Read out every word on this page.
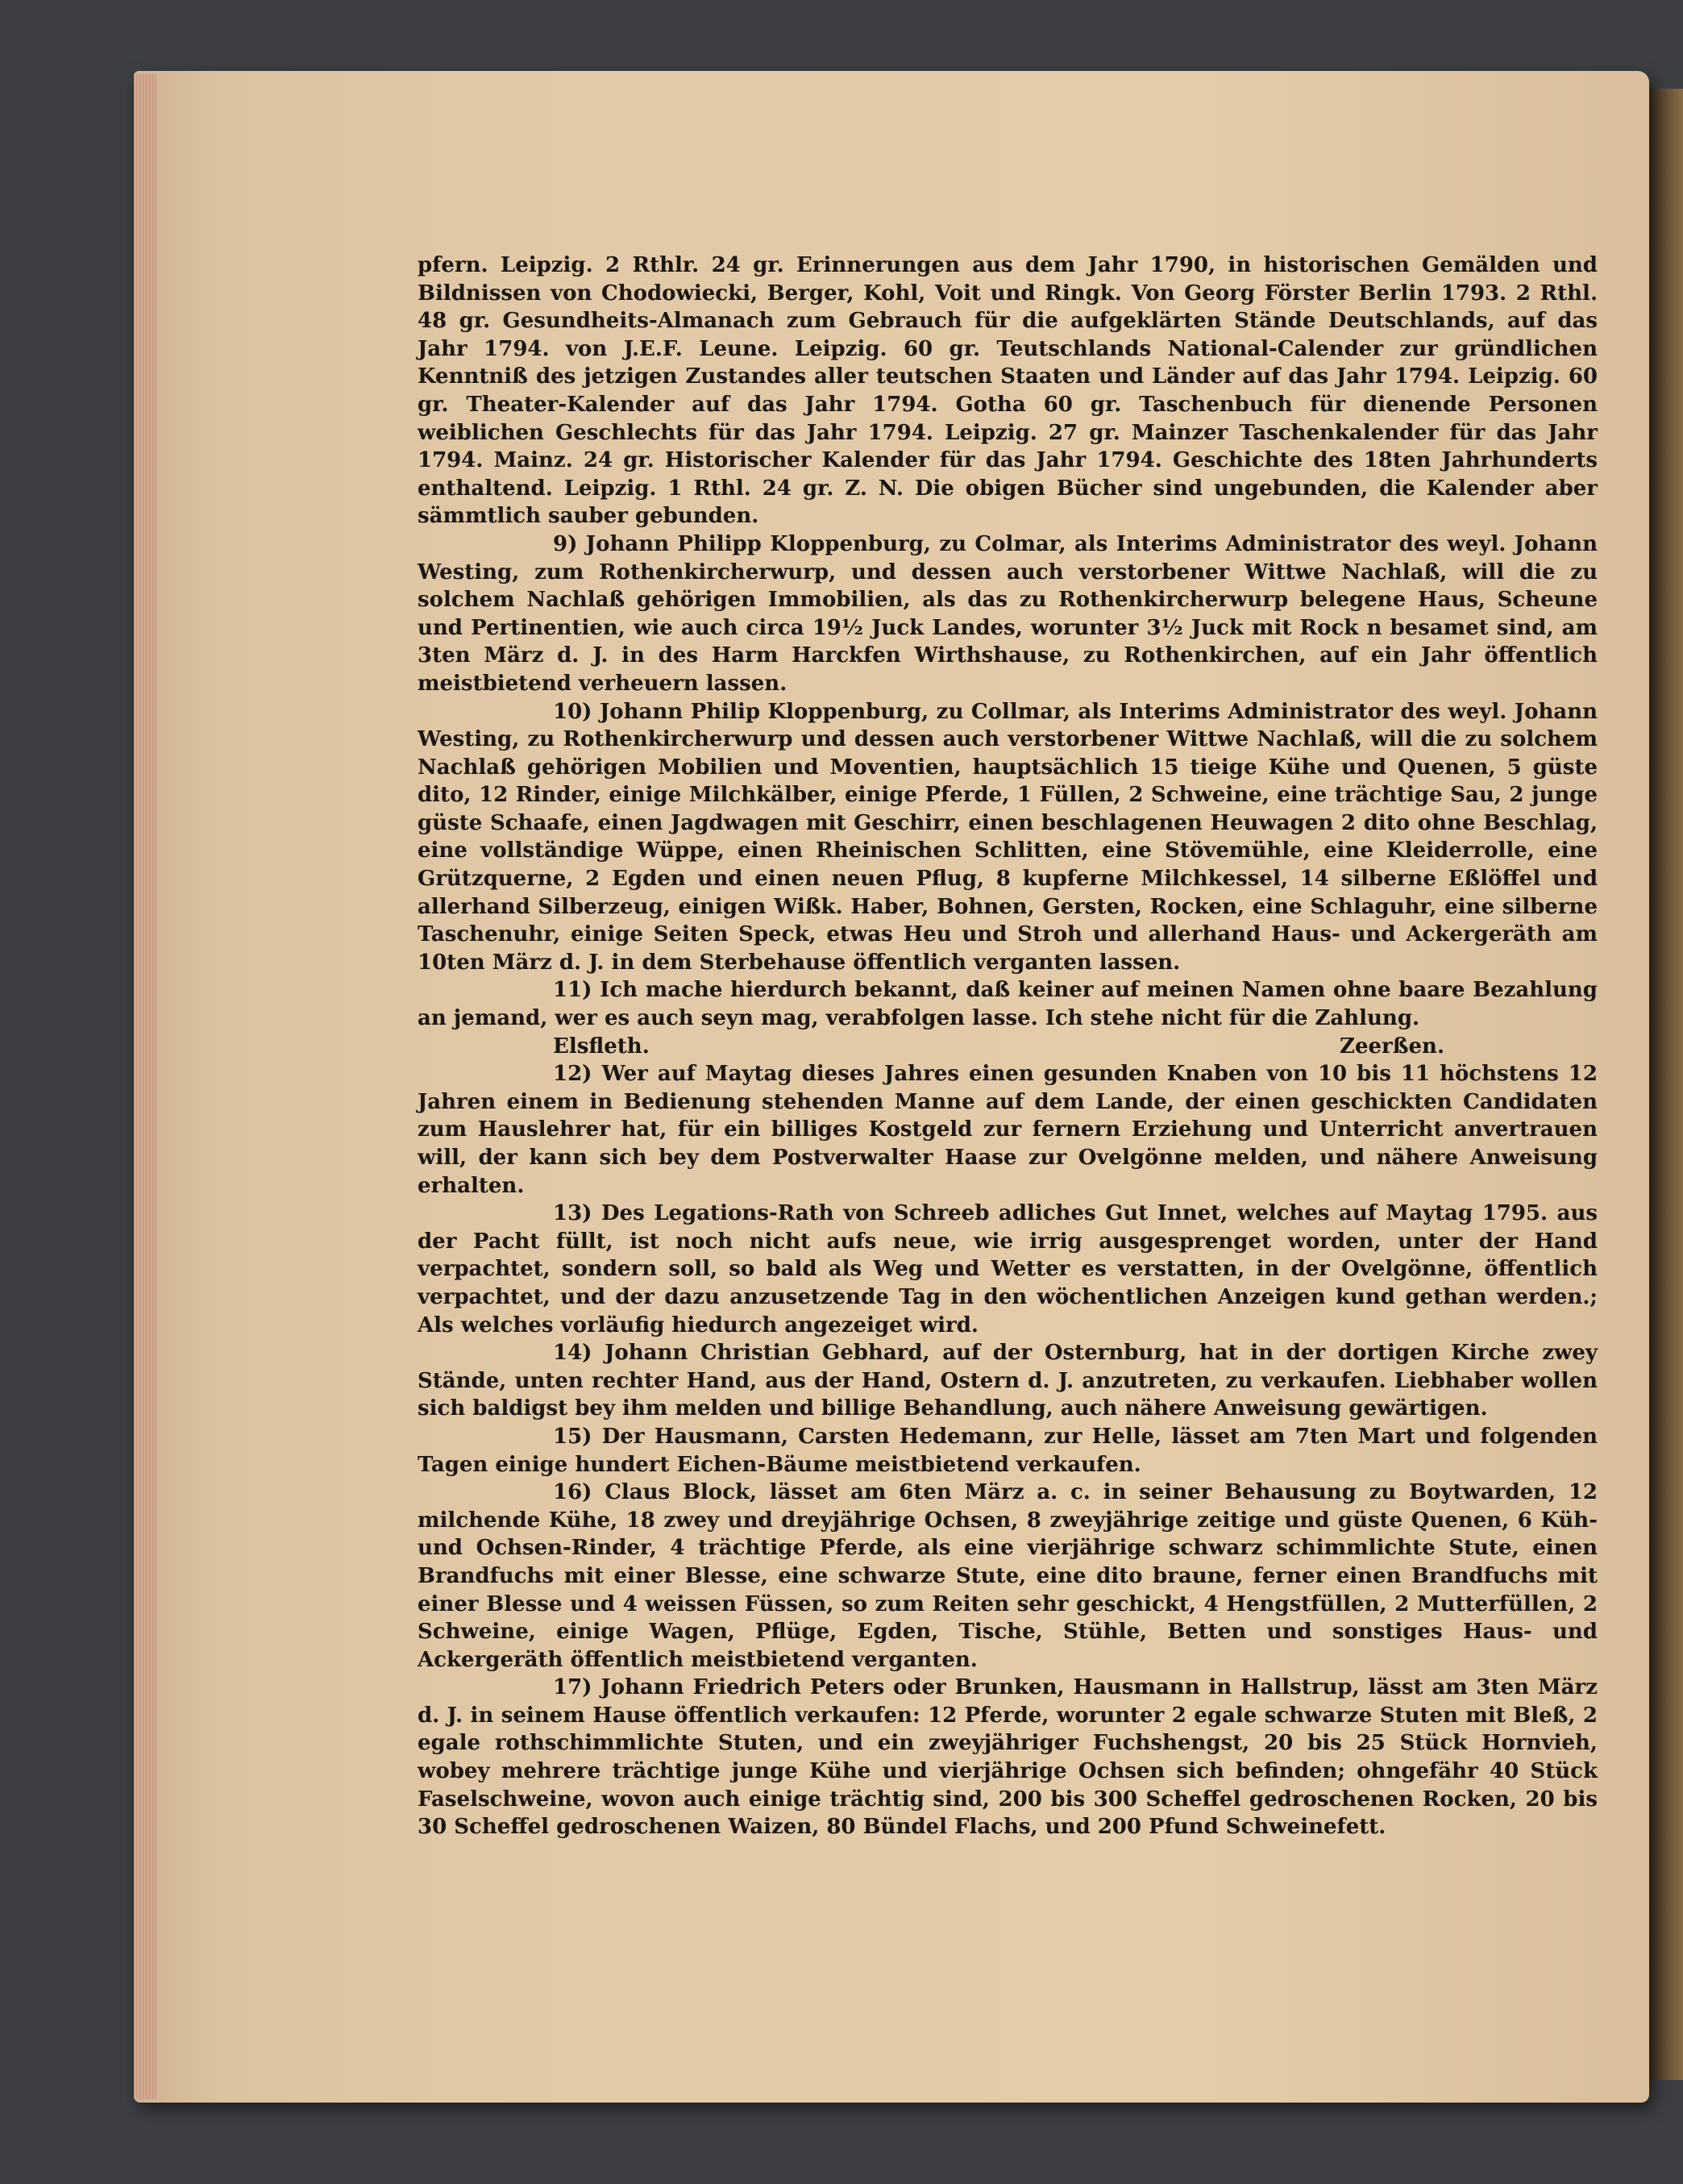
pfern. Leipzig. 2 Rthlr. 24 gr. Erinnerungen aus dem Jahr 1790, in historischen Gemälden und Bildnissen von Chodowiecki, Berger, Kohl, Voit und Ringk. Von Georg Förster Berlin 1793. 2 Rthl. 48 gr. Gesundheits-Almanach zum Gebrauch für die aufgeklärten Stände Deutschlands, auf das Jahr 1794. von J.E.F. Leune. Leipzig. 60 gr. Teutschlands National-Calender zur gründlichen Kenntniß des jetzigen Zustandes aller teutschen Staaten und Länder auf das Jahr 1794. Leipzig. 60 gr. Theater-Kalender auf das Jahr 1794. Gotha 60 gr. Taschenbuch für dienende Personen weiblichen Geschlechts für das Jahr 1794. Leipzig. 27 gr. Mainzer Taschenkalender für das Jahr 1794. Mainz. 24 gr. Historischer Kalender für das Jahr 1794. Geschichte des 18ten Jahrhunderts enthaltend. Leipzig. 1 Rthl. 24 gr. Z. N. Die obigen Bücher sind ungebunden, die Kalender aber sämmtlich sauber gebunden.

9) Johann Philipp Kloppenburg, zu Colmar, als Interims Administrator des weyl. Johann Westing, zum Rothenkircherwurp, und dessen auch verstorbener Wittwe Nachlaß, will die zu solchem Nachlaß gehörigen Immobilien, als das zu Rothenkircherwurp belegene Haus, Scheune und Pertinentien, wie auch circa 19½ Juck Landes, worunter 3½ Juck mit Rock n besamet sind, am 3ten März d. J. in des Harm Harckfen Wirthshause, zu Rothenkirchen, auf ein Jahr öffentlich meistbietend verheuern lassen.

10) Johann Philip Kloppenburg, zu Collmar, als Interims Administrator des weyl. Johann Westing, zu Rothenkircherwurp und dessen auch verstorbener Wittwe Nachlaß, will die zu solchem Nachlaß gehörigen Mobilien und Moventien, hauptsächlich 15 tieige Kühe und Quenen, 5 güste dito, 12 Rinder, einige Milchkälber, einige Pferde, 1 Füllen, 2 Schweine, eine trächtige Sau, 2 junge güste Schaafe, einen Jagdwagen mit Geschirr, einen beschlagenen Heuwagen 2 dito ohne Beschlag, eine vollständige Wüppe, einen Rheinischen Schlitten, eine Stövemühle, eine Kleiderrolle, eine Grützquerne, 2 Egden und einen neuen Pflug, 8 kupferne Milchkessel, 14 silberne Eßlöffel und allerhand Silberzeug, einigen Wißk. Haber, Bohnen, Gersten, Rocken, eine Schlaguhr, eine silberne Taschenuhr, einige Seiten Speck, etwas Heu und Stroh und allerhand Haus- und Ackergeräth am 10ten März d. J. in dem Sterbehause öffentlich verganten lassen.

11) Ich mache hierdurch bekannt, daß keiner auf meinen Namen ohne baare Bezahlung an jemand, wer es auch seyn mag, verabfolgen lasse. Ich stehe nicht für die Zahlung.

Elsfleth.	Zeerßen.

12) Wer auf Maytag dieses Jahres einen gesunden Knaben von 10 bis 11 höchstens 12 Jahren einem in Bedienung stehenden Manne auf dem Lande, der einen geschickten Candidaten zum Hauslehrer hat, für ein billiges Kostgeld zur fernern Erziehung und Unterricht anvertrauen will, der kann sich bey dem Postverwalter Haase zur Ovelgönne melden, und nähere Anweisung erhalten.

13) Des Legations-Rath von Schreeb adliches Gut Innet, welches auf Maytag 1795. aus der Pacht füllt, ist noch nicht aufs neue, wie irrig ausgesprenget worden, unter der Hand verpachtet, sondern soll, so bald als Weg und Wetter es verstatten, in der Ovelgönne, öffentlich verpachtet, und der dazu anzusetzende Tag in den wöchentlichen Anzeigen kund gethan werden.; Als welches vorläufig hiedurch angezeiget wird.

14) Johann Christian Gebhard, auf der Osternburg, hat in der dortigen Kirche zwey Stände, unten rechter Hand, aus der Hand, Ostern d. J. anzutreten, zu verkaufen. Liebhaber wollen sich baldigst bey ihm melden und billige Behandlung, auch nähere Anweisung gewärtigen.

15) Der Hausmann, Carsten Hedemann, zur Helle, lässet am 7ten Mart und folgenden Tagen einige hundert Eichen-Bäume meistbietend verkaufen.

16) Claus Block, lässet am 6ten März a. c. in seiner Behausung zu Boytwarden, 12 milchende Kühe, 18 zwey und dreyjährige Ochsen, 8 zweyjährige zeitige und güste Quenen, 6 Küh- und Ochsen-Rinder, 4 trächtige Pferde, als eine vierjährige schwarz schimmlichte Stute, einen Brandfuchs mit einer Blesse, eine schwarze Stute, eine dito braune, ferner einen Brandfuchs mit einer Blesse und 4 weissen Füssen, so zum Reiten sehr geschickt, 4 Hengstfüllen, 2 Mutterfüllen, 2 Schweine, einige Wagen, Pflüge, Egden, Tische, Stühle, Betten und sonstiges Haus- und Ackergeräth öffentlich meistbietend verganten.

17) Johann Friedrich Peters oder Brunken, Hausmann in Hallstrup, lässt am 3ten März d. J. in seinem Hause öffentlich verkaufen: 12 Pferde, worunter 2 egale schwarze Stuten mit Bleß, 2 egale rothschimmlichte Stuten, und ein zweyjähriger Fuchshengst, 20 bis 25 Stück Hornvieh, wobey mehrere trächtige junge Kühe und vierjährige Ochsen sich befinden; ohngefähr 40 Stück Faselschweine, wovon auch einige trächtig sind, 200 bis 300 Scheffel gedroschenen Rocken, 20 bis 30 Scheffel gedroschenen Waizen, 80 Bündel Flachs, und 200 Pfund Schweinefett.
